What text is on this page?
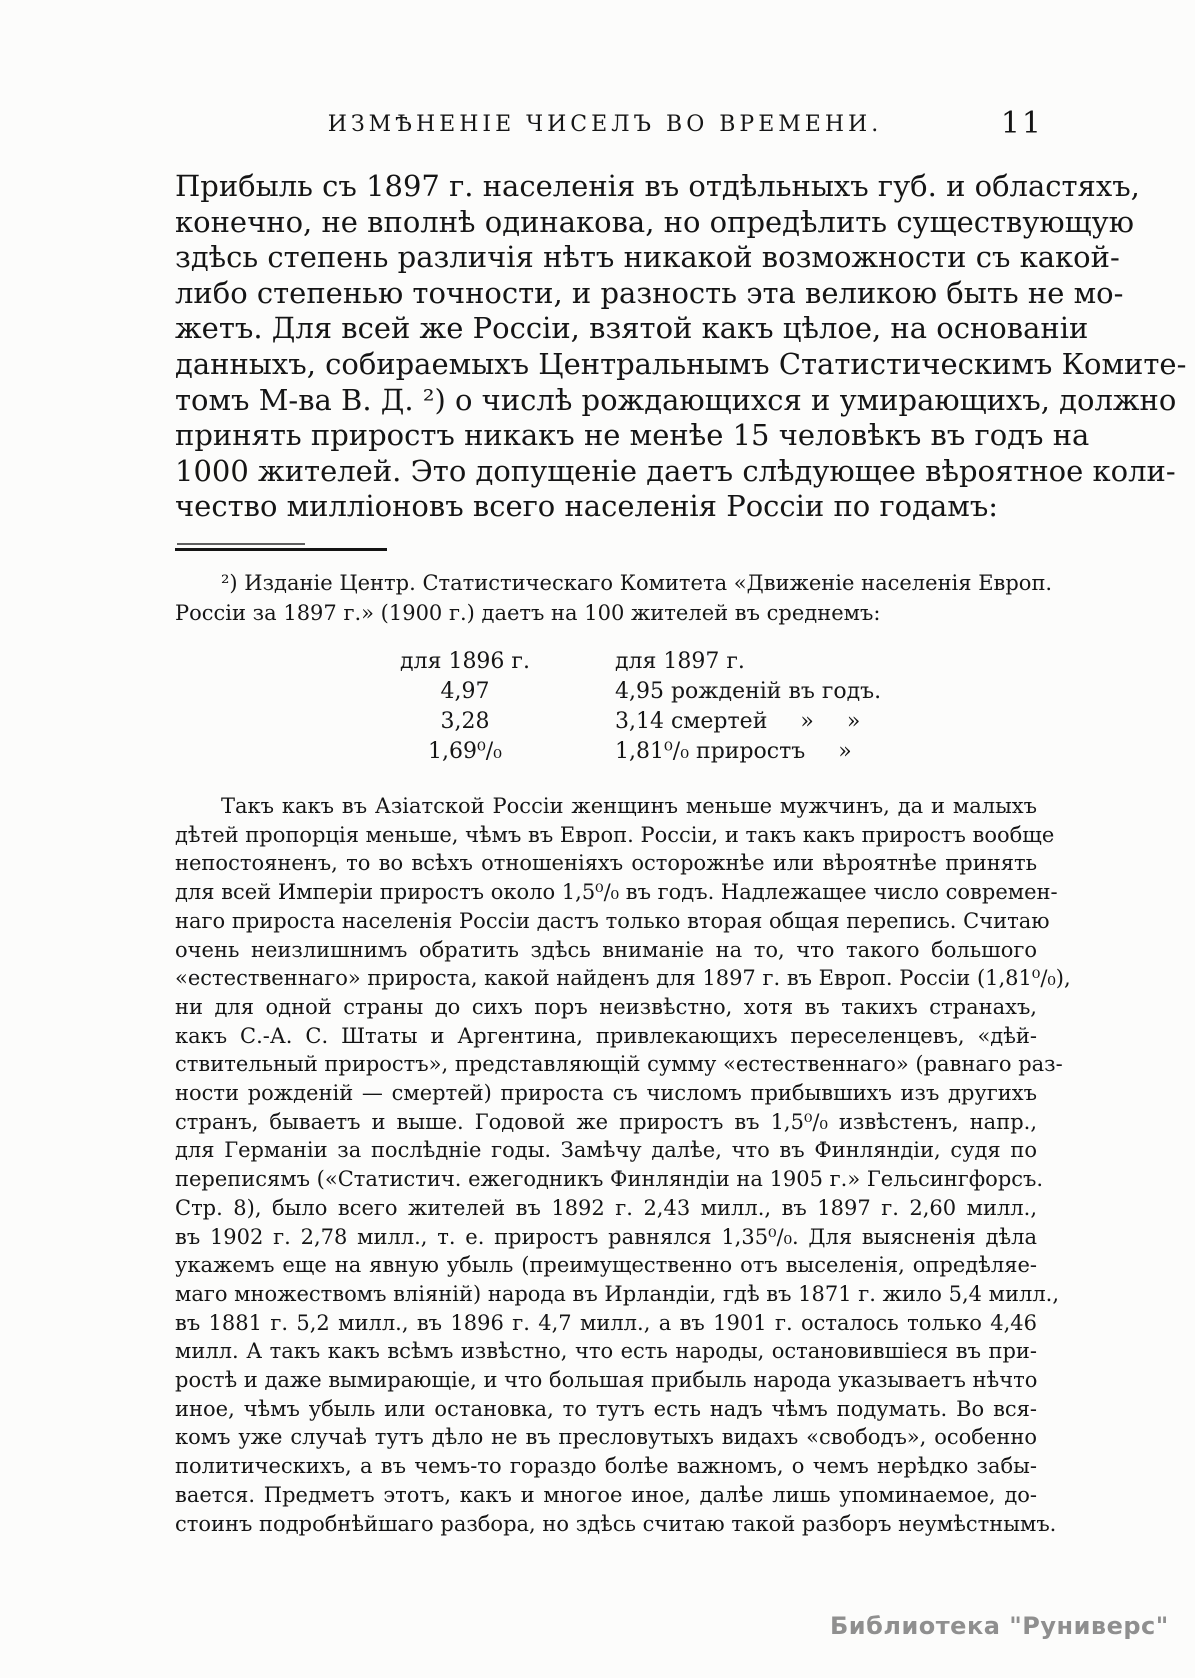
ИЗМѢНЕНІЕ ЧИСЕЛЪ ВО ВРЕМЕНИ.	11
Прибыль съ 1897 г. населенія въ отдѣльныхъ губ. и областяхъ,
конечно, не вполнѣ одинакова, но опредѣлить существующую
здѣсь степень различія нѣтъ никакой возможности съ какой-
либо степенью точности, и разность эта великою быть не мо-
жетъ. Для всей же Россіи, взятой какъ цѣлое, на основаніи
данныхъ, собираемыхъ Центральнымъ Статистическимъ Комите-
томъ М-ва В. Д. ²) о числѣ рождающихся и умирающихъ, должно
принять приростъ никакъ не менѣе 15 человѣкъ въ годъ на
1000 жителей. Это допущеніе даетъ слѣдующее вѣроятное коли-
чество милліоновъ всего населенія Россіи по годамъ:
²) Изданіе Центр. Статистическаго Комитета «Движеніе населенія Европ.
Россіи за 1897 г.» (1900 г.) даетъ на 100 жителей въ среднемъ:
для 1896 г.	для 1897 г.
4,97	4,95 рожденій въ годъ.
3,28	3,14 смертей  »  »
1,69⁰/₀	1,81⁰/₀ приростъ  »
Такъ какъ въ Азіатской Россіи женщинъ меньше мужчинъ, да и малыхъ
дѣтей пропорція меньше, чѣмъ въ Европ. Россіи, и такъ какъ приростъ вообще
непостояненъ, то во всѣхъ отношеніяхъ осторожнѣе или вѣроятнѣе принять
для всей Имперіи приростъ около 1,5⁰/₀ въ годъ. Надлежащее число современ-
наго прироста населенія Россіи дастъ только вторая общая перепись. Считаю
очень неизлишнимъ обратить здѣсь вниманіе на то, что такого большого
«естественнаго» прироста, какой найденъ для 1897 г. въ Европ. Россіи (1,81⁰/₀),
ни для одной страны до сихъ поръ неизвѣстно, хотя въ такихъ странахъ,
какъ С.-А. С. Штаты и Аргентина, привлекающихъ переселенцевъ, «дѣй-
ствительный приростъ», представляющій сумму «естественнаго» (равнаго раз-
ности рожденій — смертей) прироста съ числомъ прибывшихъ изъ другихъ
странъ, бываетъ и выше. Годовой же приростъ въ 1,5⁰/₀ извѣстенъ, напр.,
для Германіи за послѣдніе годы. Замѣчу далѣе, что въ Финляндіи, судя по
переписямъ («Статистич. ежегодникъ Финляндіи на 1905 г.» Гельсингфорсъ.
Стр. 8), было всего жителей въ 1892 г. 2,43 милл., въ 1897 г. 2,60 милл.,
въ 1902 г. 2,78 милл., т. е. приростъ равнялся 1,35⁰/₀. Для выясненія дѣла
укажемъ еще на явную убыль (преимущественно отъ выселенія, опредѣляе-
маго множествомъ вліяній) народа въ Ирландіи, гдѣ въ 1871 г. жило 5,4 милл.,
въ 1881 г. 5,2 милл., въ 1896 г. 4,7 милл., а въ 1901 г. осталось только 4,46
милл. А такъ какъ всѣмъ извѣстно, что есть народы, остановившіеся въ при-
ростѣ и даже вымирающіе, и что большая прибыль народа указываетъ нѣчто
иное, чѣмъ убыль или остановка, то тутъ есть надъ чѣмъ подумать. Во вся-
комъ уже случаѣ тутъ дѣло не въ пресловутыхъ видахъ «свободъ», особенно
политическихъ, а въ чемъ-то гораздо болѣе важномъ, о чемъ нерѣдко забы-
вается. Предметъ этотъ, какъ и многое иное, далѣе лишь упоминаемое, до-
стоинъ подробнѣйшаго разбора, но здѣсь считаю такой разборъ неумѣстнымъ.
Библиотека "Руниверс"
